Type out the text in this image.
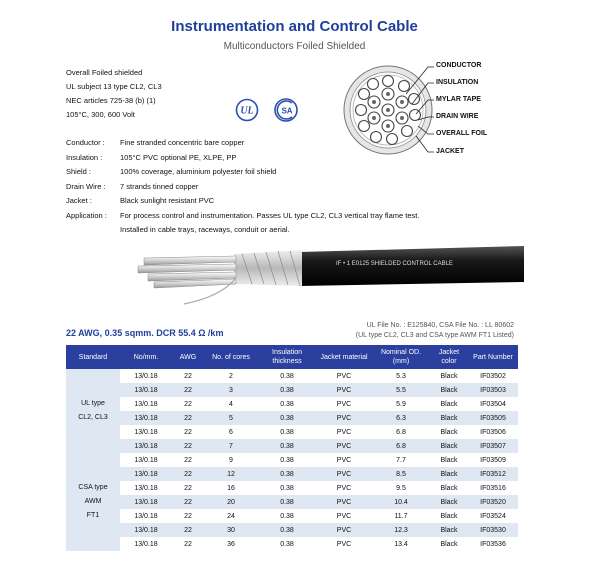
Instrumentation and Control Cable
Multiconductors Foiled Shielded
Overall Foiled shielded
UL subject 13 type CL2, CL3
NEC articles 725-38 (b) (1)
105°C, 300, 600 Volt	UL	SA
CONDUCTOR
INSULATION
MYLAR TAPE
DRAIN WIRE
OVERALL FOIL
JACKET
Conductor :	Fine stranded concentric bare copper
Insulation :	105°C PVC optional PE, XLPE, PP
Shield :	100% coverage, aluminium polyester foil shield
Drain Wire :	7 strands tinned copper
Jacket :	Black sunlight resistant PVC
Application :	For process control and instrumentation. Passes UL type CL2, CL3 vertical tray flame test.
Installed in cable trays, raceways, conduit or aerial.
IF • 1 E0125 SHIELDED CONTROL CABLE
22 AWG, 0.35 sqmm. DCR 55.4 Ω /km
UL File No. : E125840, CSA File No. : LL 80602
(UL type CL2, CL3 and CSA type AWM FT1 Listed)
Standard	No/mm.	AWG	No. of cores	Insulation thickness	Jacket material	Nominal OD.(mm)	Jacket color	Part Number

UL type
CL2, CL3	13/0.18	22	2	0.38	PVC	5.3	Black	IF03502
	13/0.18	22	3	0.38	PVC	5.5	Black	IF03503
	13/0.18	22	4	0.38	PVC	5.9	Black	IF03504
	13/0.18	22	5	0.38	PVC	6.3	Black	IF03505
	13/0.18	22	6	0.38	PVC	6.8	Black	IF03506
	13/0.18	22	7	0.38	PVC	6.8	Black	IF03507
	13/0.18	22	9	0.38	PVC	7.7	Black	IF03509

CSA type
AWM
FT1	13/0.18	22	12	0.38	PVC	8.5	Black	IF03512
	13/0.18	22	16	0.38	PVC	9.5	Black	IF03516
	13/0.18	22	20	0.38	PVC	10.4	Black	IF03520
	13/0.18	22	24	0.38	PVC	11.7	Black	IF03524
	13/0.18	22	30	0.38	PVC	12.3	Black	IF03530
	13/0.18	22	36	0.38	PVC	13.4	Black	IF03536
